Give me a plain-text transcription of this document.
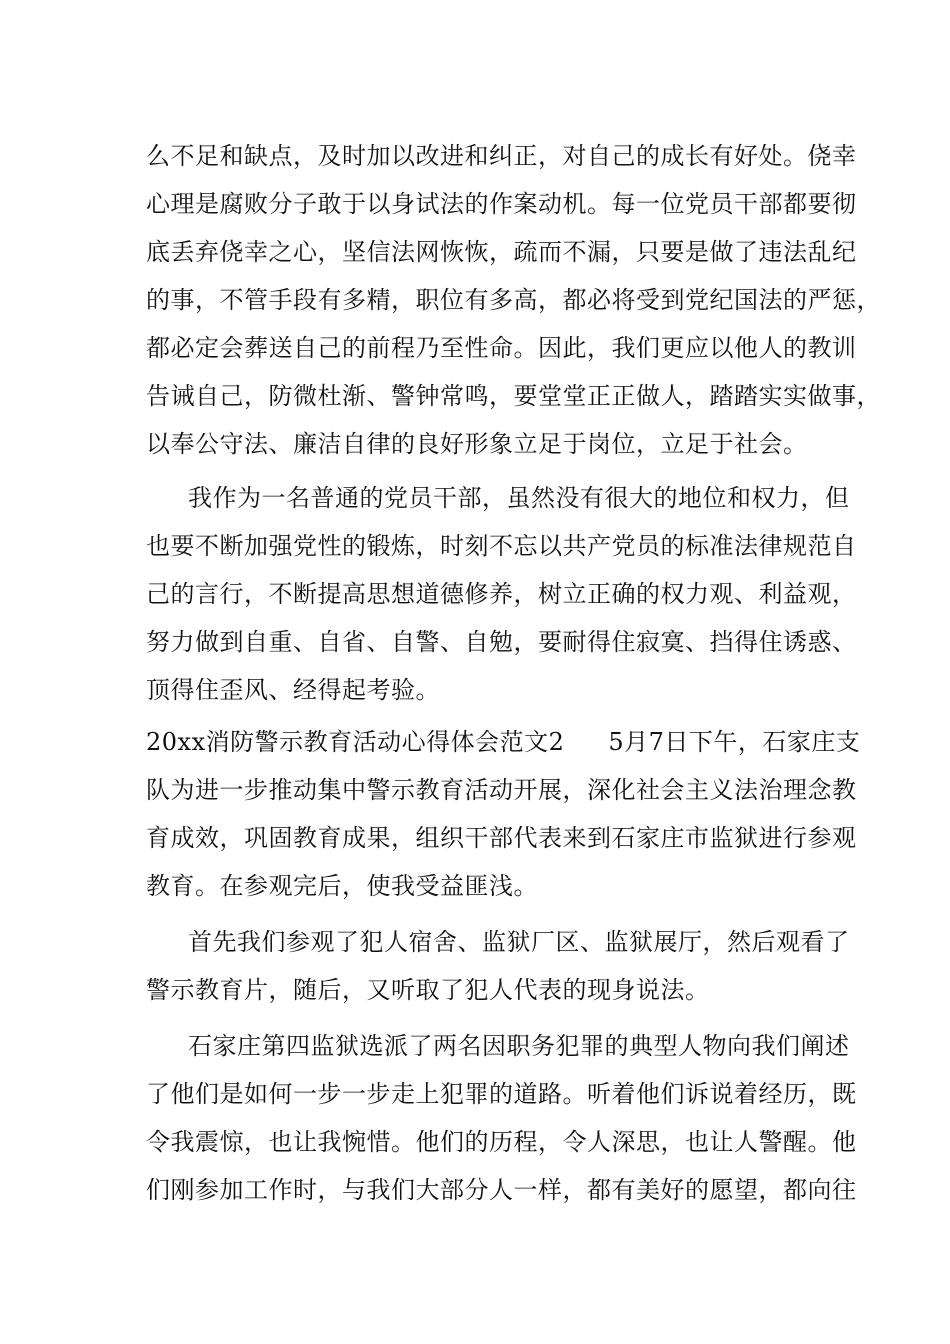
么不足和缺点，及时加以改进和纠正，对自己的成长有好处。侥幸
心理是腐败分子敢于以身试法的作案动机。每一位党员干部都要彻
底丢弃侥幸之心，坚信法网恢恢，疏而不漏，只要是做了违法乱纪
的事，不管手段有多精，职位有多高，都必将受到党纪国法的严惩，
都必定会葬送自己的前程乃至性命。因此，我们更应以他人的教训
告诫自己，防微杜渐、警钟常鸣，要堂堂正正做人，踏踏实实做事，
以奉公守法、廉洁自律的良好形象立足于岗位，立足于社会。
我作为一名普通的党员干部，虽然没有很大的地位和权力，但
也要不断加强党性的锻炼，时刻不忘以共产党员的标准法律规范自
己的言行，不断提高思想道德修养，树立正确的权力观、利益观，
努力做到自重、自省、自警、自勉，要耐得住寂寞、挡得住诱惑、
顶得住歪风、经得起考验。
20xx消防警示教育活动心得体会范文2 5月7日下午，石家庄支
队为进一步推动集中警示教育活动开展，深化社会主义法治理念教
育成效，巩固教育成果，组织干部代表来到石家庄市监狱进行参观
教育。在参观完后，使我受益匪浅。
首先我们参观了犯人宿舍、监狱厂区、监狱展厅，然后观看了
警示教育片，随后，又听取了犯人代表的现身说法。
石家庄第四监狱选派了两名因职务犯罪的典型人物向我们阐述
了他们是如何一步一步走上犯罪的道路。听着他们诉说着经历，既
令我震惊，也让我惋惜。他们的历程，令人深思，也让人警醒。他
们刚参加工作时，与我们大部分人一样，都有美好的愿望，都向往
